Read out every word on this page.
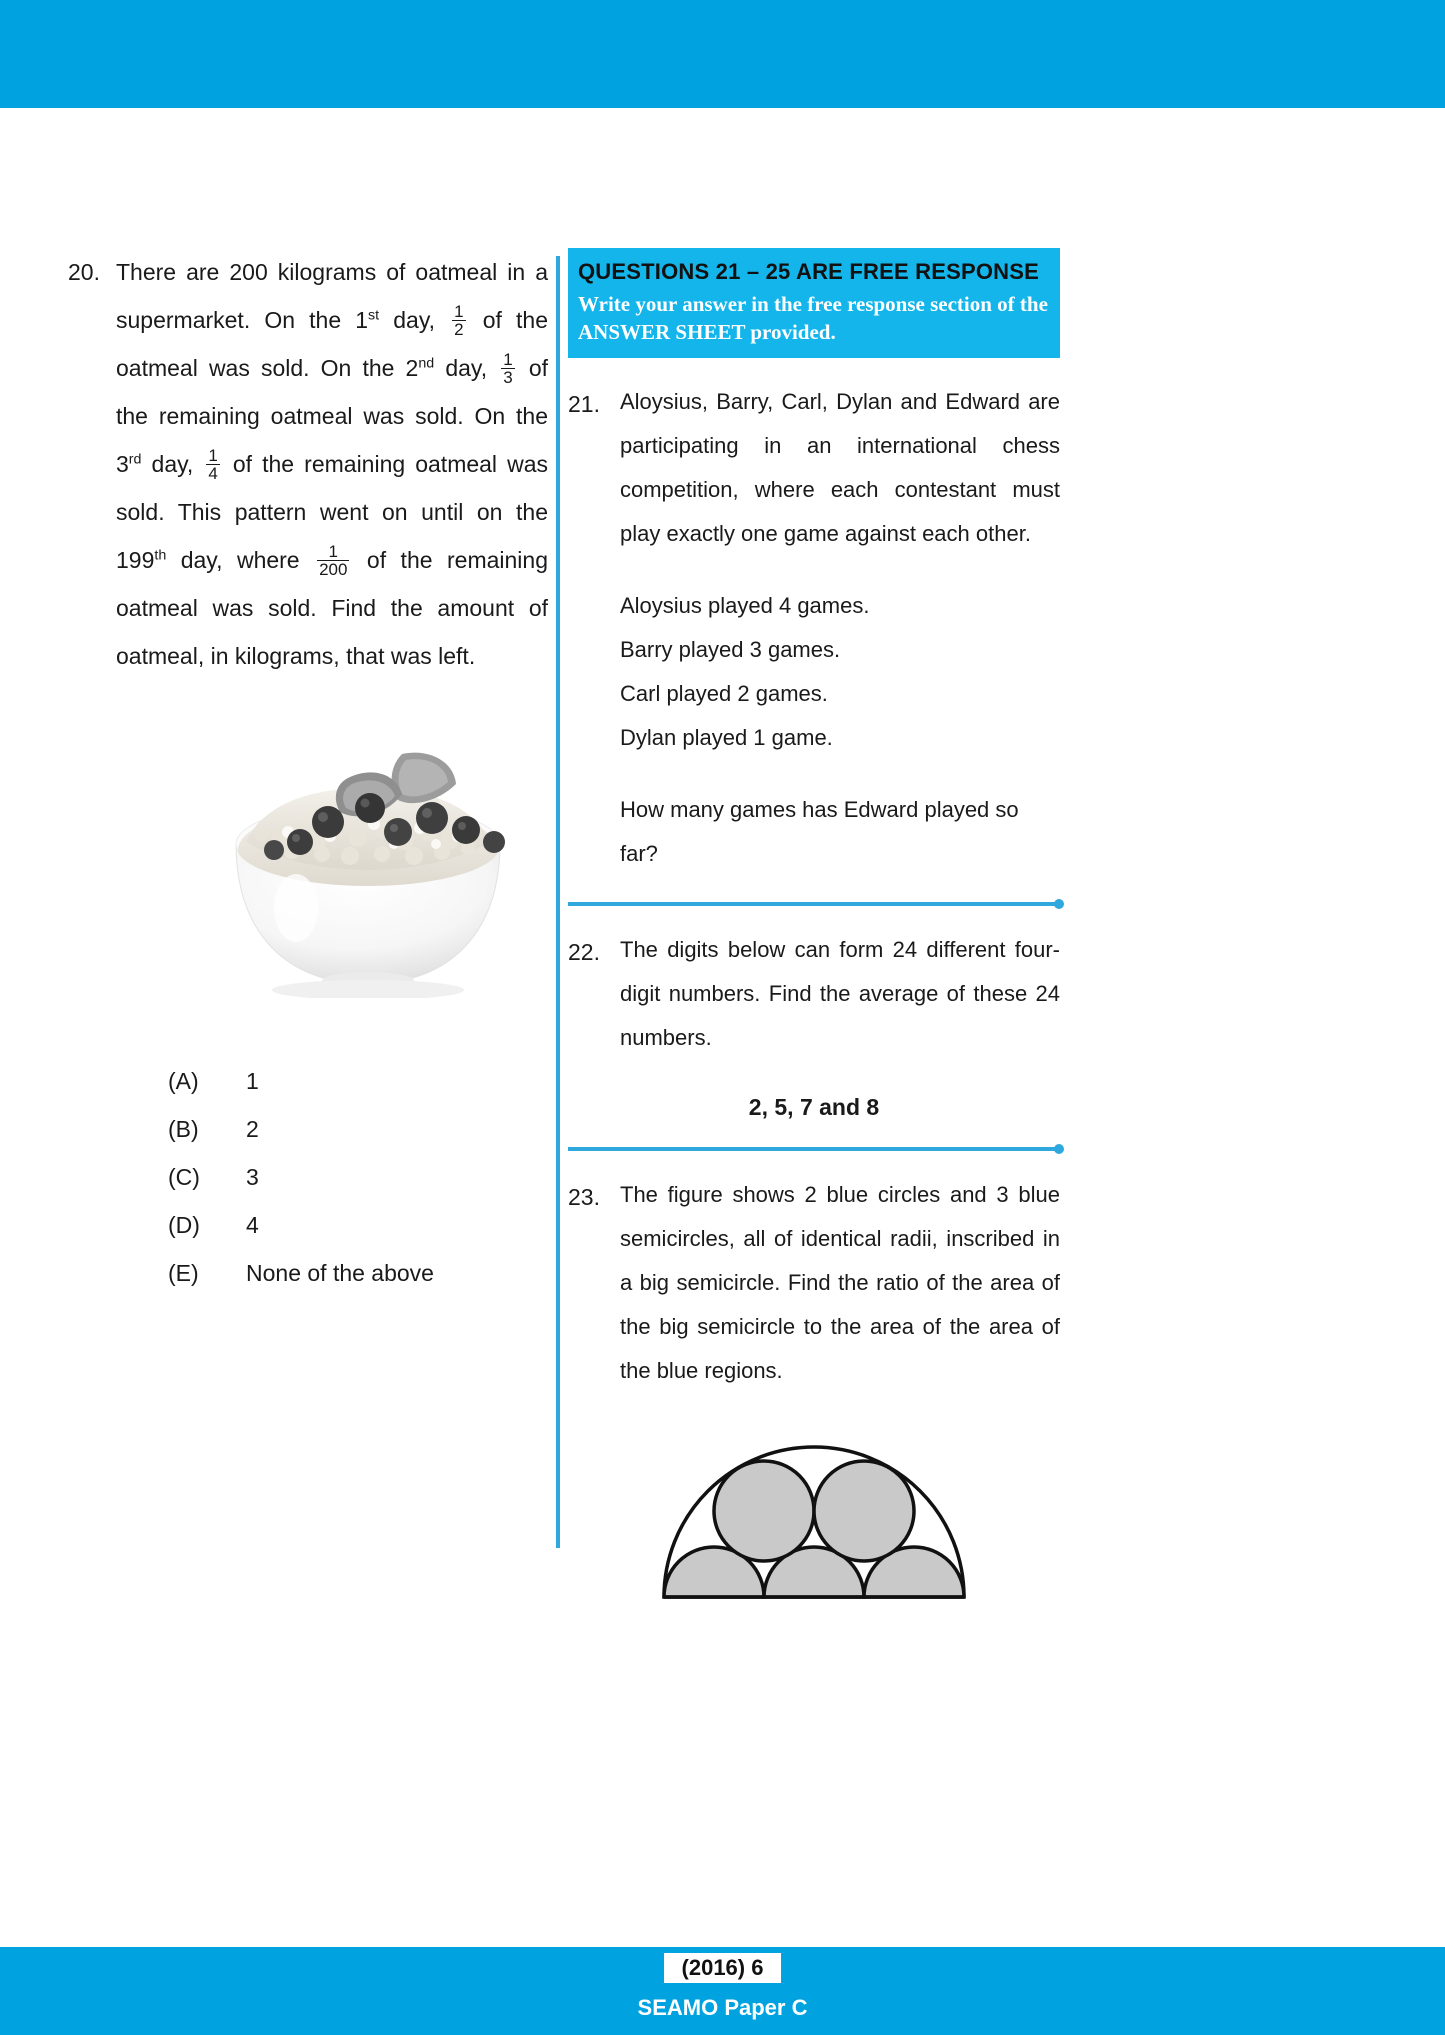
20. There are 200 kilograms of oatmeal in a supermarket. On the 1st day, $\frac{1}{2}$ of the oatmeal was sold. On the 2nd day, $\frac{1}{3}$ of the remaining oatmeal was sold. On the 3rd day, $\frac{1}{4}$ of the remaining oatmeal was sold. This pattern went on until on the 199th day, where $\frac{1}{200}$ of the remaining oatmeal was sold. Find the amount of oatmeal, in kilograms, that was left.
(A)	1
(B)	2
(C)	3
(D)	4
(E)	None of the above
QUESTIONS 21 – 25 ARE FREE RESPONSE
Write your answer in the free response section of the ANSWER SHEET provided.
21. Aloysius, Barry, Carl, Dylan and Edward are participating in an international chess competition, where each contestant must play exactly one game against each other.
Aloysius played 4 games.
Barry played 3 games.
Carl played 2 games.
Dylan played 1 game.
How many games has Edward played so far?
22. The digits below can form 24 different four-digit numbers. Find the average of these 24 numbers.
2, 5, 7 and 8
23. The figure shows 2 blue circles and 3 blue semicircles, all of identical radii, inscribed in a big semicircle. Find the ratio of the area of the big semicircle to the area of the area of the blue regions.
(2016) 6
SEAMO Paper C
